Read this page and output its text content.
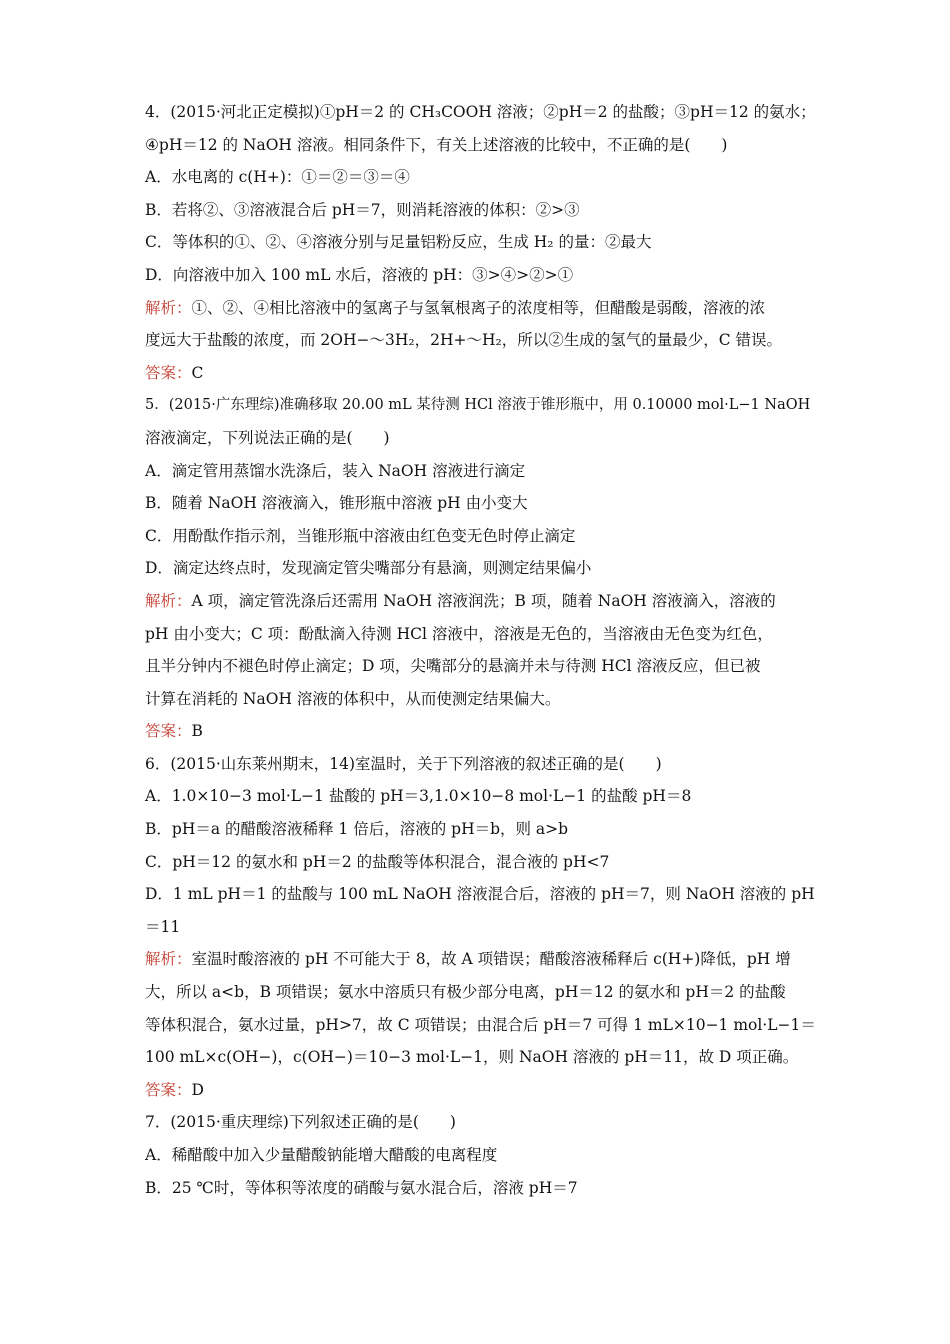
4．(2015·河北正定模拟)①pH＝2 的 CH₃COOH 溶液；②pH＝2 的盐酸；③pH＝12 的氨水；
④pH＝12 的 NaOH 溶液。相同条件下，有关上述溶液的比较中，不正确的是(　　)
A．水电离的 c(H+)：①＝②＝③＝④
B．若将②、③溶液混合后 pH＝7，则消耗溶液的体积：②>③
C．等体积的①、②、④溶液分别与足量铝粉反应，生成 H₂ 的量：②最大
D．向溶液中加入 100 mL 水后，溶液的 pH：③>④>②>①
解析：①、②、④相比溶液中的氢离子与氢氧根离子的浓度相等，但醋酸是弱酸，溶液的浓
度远大于盐酸的浓度，而 2OH−～3H₂，2H+～H₂，所以②生成的氢气的量最少，C 错误。
答案：C
5．(2015·广东理综)准确移取 20.00 mL 某待测 HCl 溶液于锥形瓶中，用 0.10000 mol·L−1 NaOH
溶液滴定，下列说法正确的是(　　)
A．滴定管用蒸馏水洗涤后，装入 NaOH 溶液进行滴定
B．随着 NaOH 溶液滴入，锥形瓶中溶液 pH 由小变大
C．用酚酞作指示剂，当锥形瓶中溶液由红色变无色时停止滴定
D．滴定达终点时，发现滴定管尖嘴部分有悬滴，则测定结果偏小
解析：A 项，滴定管洗涤后还需用 NaOH 溶液润洗；B 项，随着 NaOH 溶液滴入，溶液的
pH 由小变大；C 项：酚酞滴入待测 HCl 溶液中，溶液是无色的，当溶液由无色变为红色，
且半分钟内不褪色时停止滴定；D 项，尖嘴部分的悬滴并未与待测 HCl 溶液反应，但已被
计算在消耗的 NaOH 溶液的体积中，从而使测定结果偏大。
答案：B
6．(2015·山东莱州期末，14)室温时，关于下列溶液的叙述正确的是(　　)
A．1.0×10−3 mol·L−1 盐酸的 pH＝3,1.0×10−8 mol·L−1 的盐酸 pH＝8
B．pH＝a 的醋酸溶液稀释 1 倍后，溶液的 pH＝b，则 a>b
C．pH＝12 的氨水和 pH＝2 的盐酸等体积混合，混合液的 pH<7
D．1 mL pH＝1 的盐酸与 100 mL NaOH 溶液混合后，溶液的 pH＝7，则 NaOH 溶液的 pH
＝11
解析：室温时酸溶液的 pH 不可能大于 8，故 A 项错误；醋酸溶液稀释后 c(H+)降低，pH 增
大，所以 a<b，B 项错误；氨水中溶质只有极少部分电离，pH＝12 的氨水和 pH＝2 的盐酸
等体积混合，氨水过量，pH>7，故 C 项错误；由混合后 pH＝7 可得 1 mL×10−1 mol·L−1＝
100 mL×c(OH−)，c(OH−)＝10−3 mol·L−1，则 NaOH 溶液的 pH＝11，故 D 项正确。
答案：D
7．(2015·重庆理综)下列叙述正确的是(　　)
A．稀醋酸中加入少量醋酸钠能增大醋酸的电离程度
B．25 ℃时，等体积等浓度的硝酸与氨水混合后，溶液 pH＝7
